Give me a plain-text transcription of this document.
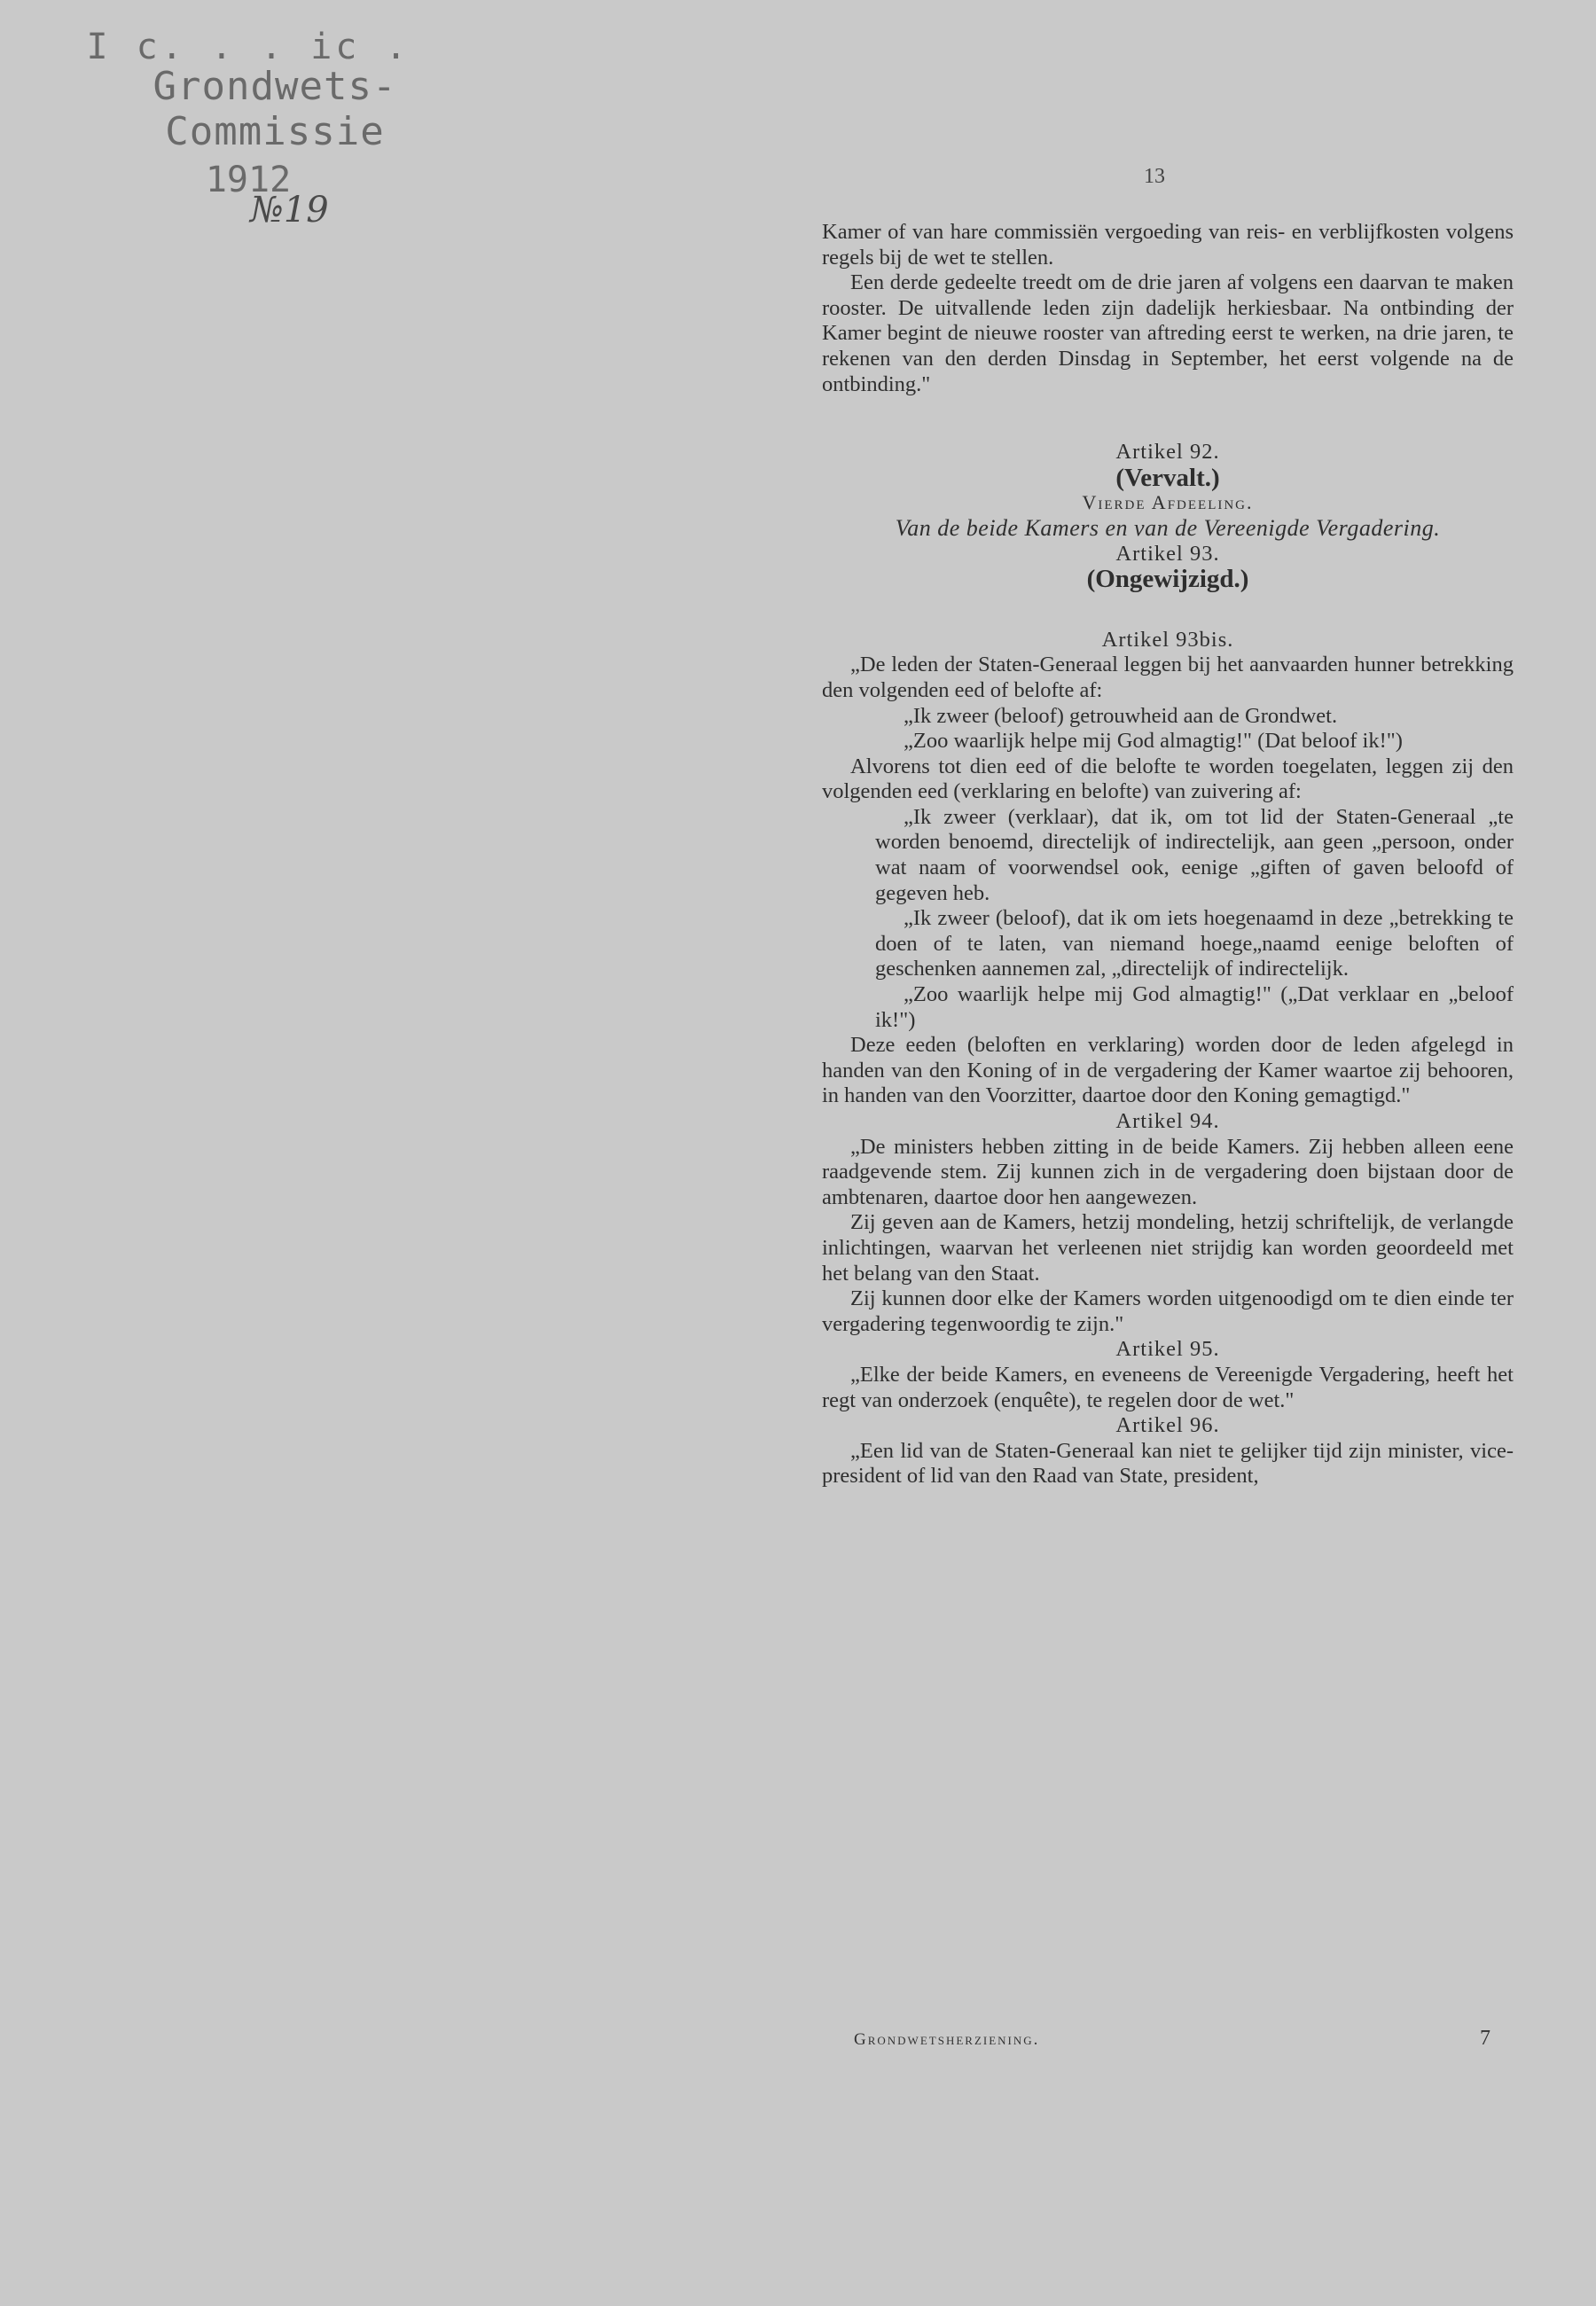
I c. . . ic .
Grondwets-Commissie
1912
№19
13

Kamer of van hare commissiën vergoeding van reis- en verblijfkosten volgens regels bij de wet te stellen.

Een derde gedeelte treedt om de drie jaren af volgens een daarvan te maken rooster. De uitvallende leden zijn dadelijk herkiesbaar. Na ontbinding der Kamer begint de nieuwe rooster van aftreding eerst te werken, na drie jaren, te rekenen van den derden Dinsdag in September, het eerst volgende na de ontbinding."

Artikel 92.

(Vervalt.)

Vierde Afdeeling.

Van de beide Kamers en van de Vereenigde Vergadering.

Artikel 93.

(Ongewijzigd.)

Artikel 93bis.

„De leden der Staten-Generaal leggen bij het aanvaarden hunner betrekking den volgenden eed of belofte af:

„Ik zweer (beloof) getrouwheid aan de Grondwet.

„Zoo waarlijk helpe mij God almagtig!" (Dat beloof ik!")

Alvorens tot dien eed of die belofte te worden toegelaten, leggen zij den volgenden eed (verklaring en belofte) van zuivering af:

„Ik zweer (verklaar), dat ik, om tot lid der Staten-Generaal „te worden benoemd, directelijk of indirectelijk, aan geen „persoon, onder wat naam of voorwendsel ook, eenige „giften of gaven beloofd of gegeven heb.

„Ik zweer (beloof), dat ik om iets hoegenaamd in deze „betrekking te doen of te laten, van niemand hoege„naamd eenige beloften of geschenken aannemen zal, „directelijk of indirectelijk.

„Zoo waarlijk helpe mij God almagtig!" („Dat verklaar en „beloof ik!")

Deze eeden (beloften en verklaring) worden door de leden afgelegd in handen van den Koning of in de vergadering der Kamer waartoe zij behooren, in handen van den Voorzitter, daartoe door den Koning gemagtigd."

Artikel 94.

„De ministers hebben zitting in de beide Kamers. Zij hebben alleen eene raadgevende stem. Zij kunnen zich in de vergadering doen bijstaan door de ambtenaren, daartoe door hen aangewezen.

Zij geven aan de Kamers, hetzij mondeling, hetzij schriftelijk, de verlangde inlichtingen, waarvan het verleenen niet strijdig kan worden geoordeeld met het belang van den Staat.

Zij kunnen door elke der Kamers worden uitgenoodigd om te dien einde ter vergadering tegenwoordig te zijn."

Artikel 95.

„Elke der beide Kamers, en eveneens de Vereenigde Vergadering, heeft het regt van onderzoek (enquête), te regelen door de wet."

Artikel 96.

„Een lid van de Staten-Generaal kan niet te gelijker tijd zijn minister, vice-president of lid van den Raad van State, president,

Grondwetsherziening.	7
